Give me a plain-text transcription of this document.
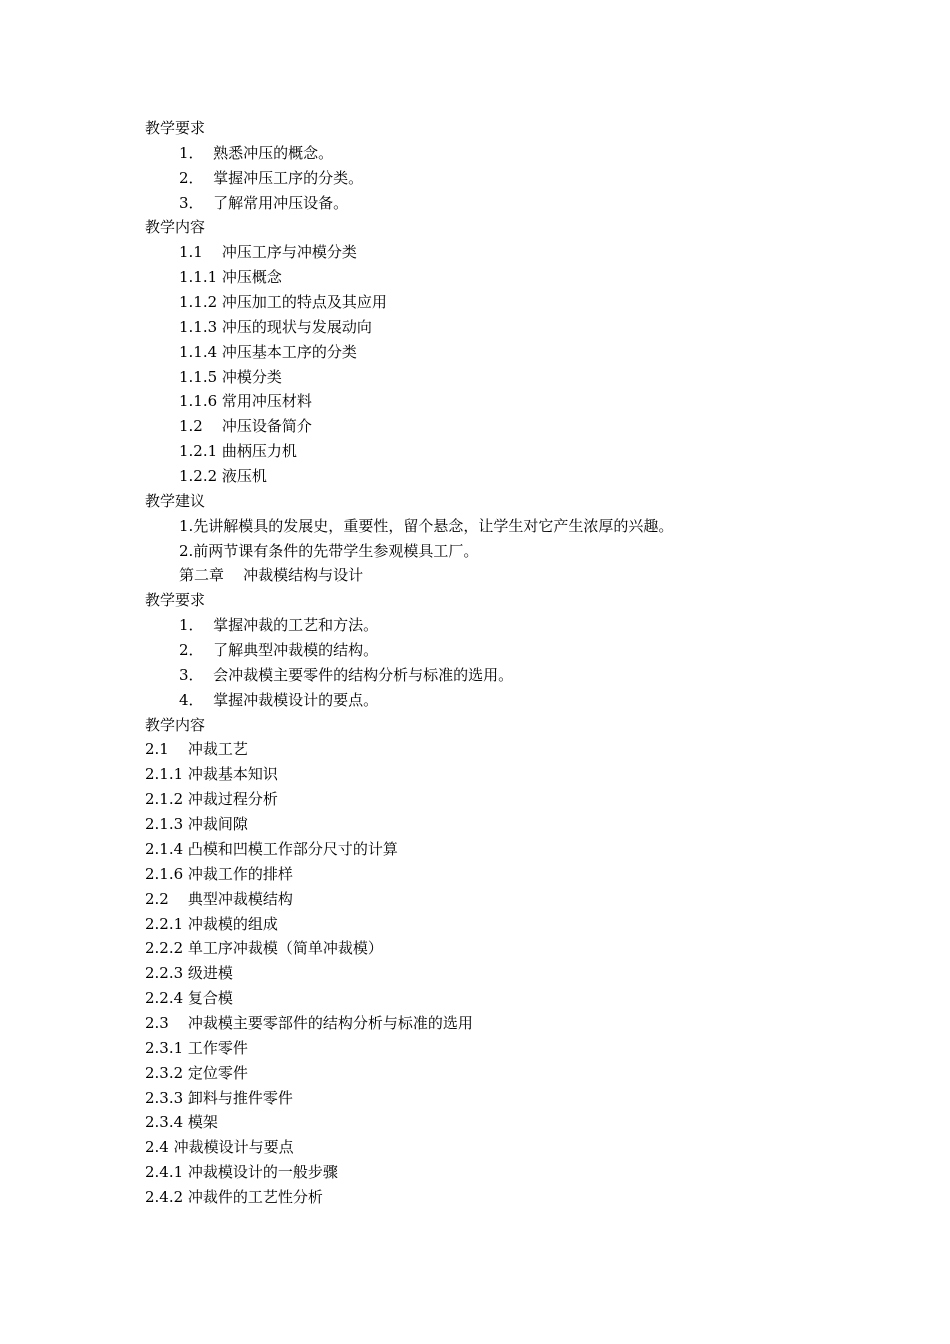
教学要求
1．  熟悉冲压的概念。
2．  掌握冲压工序的分类。
3．  了解常用冲压设备。
教学内容
1.1    冲压工序与冲模分类
1.1.1 冲压概念
1.1.2 冲压加工的特点及其应用
1.1.3 冲压的现状与发展动向
1.1.4 冲压基本工序的分类
1.1.5 冲模分类
1.1.6 常用冲压材料
1.2    冲压设备简介
1.2.1 曲柄压力机
1.2.2 液压机
教学建议
1.先讲解模具的发展史，重要性，留个悬念，让学生对它产生浓厚的兴趣。
2.前两节课有条件的先带学生参观模具工厂。
第二章    冲裁模结构与设计
教学要求
1．  掌握冲裁的工艺和方法。
2．  了解典型冲裁模的结构。
3．  会冲裁模主要零件的结构分析与标准的选用。
4．  掌握冲裁模设计的要点。
教学内容
2.1    冲裁工艺
2.1.1 冲裁基本知识
2.1.2 冲裁过程分析
2.1.3 冲裁间隙
2.1.4 凸模和凹模工作部分尺寸的计算
2.1.6 冲裁工作的排样
2.2    典型冲裁模结构
2.2.1 冲裁模的组成
2.2.2 单工序冲裁模（简单冲裁模）
2.2.3 级进模
2.2.4 复合模
2.3    冲裁模主要零部件的结构分析与标准的选用
2.3.1 工作零件
2.3.2 定位零件
2.3.3 卸料与推件零件
2.3.4 模架
2.4 冲裁模设计与要点
2.4.1 冲裁模设计的一般步骤
2.4.2 冲裁件的工艺性分析
